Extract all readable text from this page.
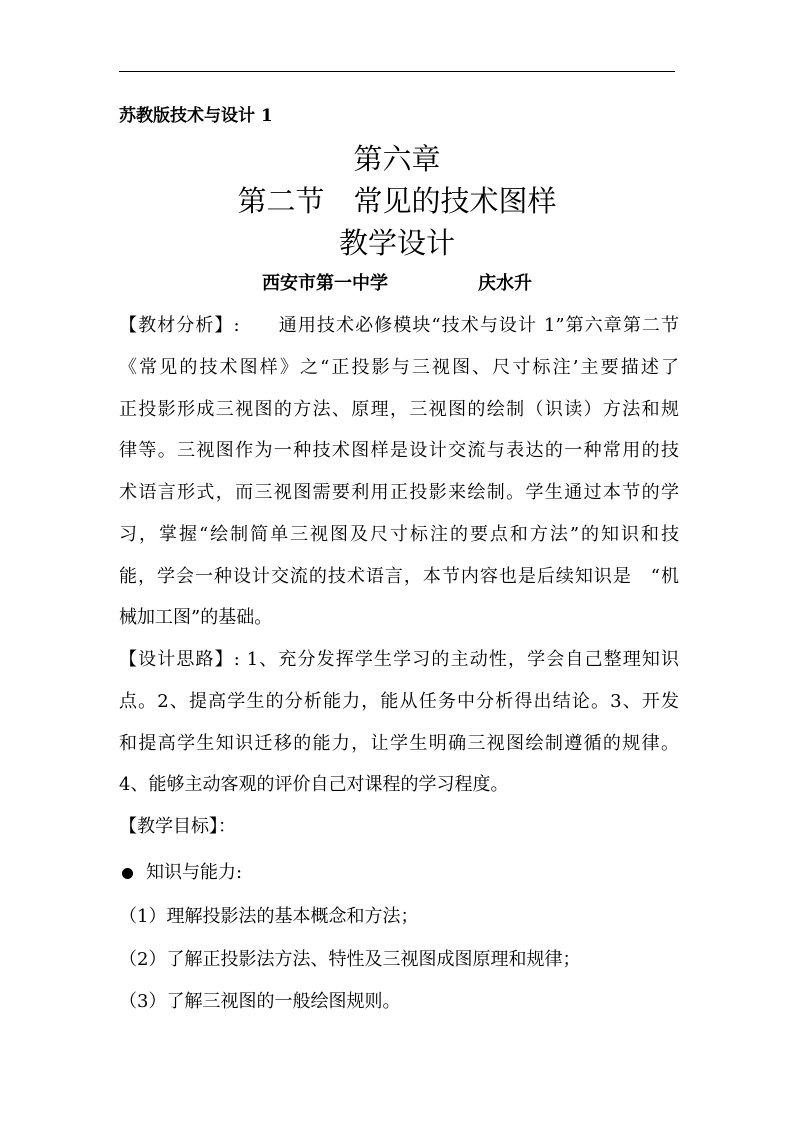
苏教版技术与设计 1

第六章

第二节　常见的技术图样

教学设计

西安市第一中学	庆水升

【教材分析】:　　通用技术必修模块“技术与设计 1”第六章第二节

《常见的技术图样》之“正投影与三视图、尺寸标注’主要描述了

正投影形成三视图的方法、原理，三视图的绘制（识读）方法和规

律等。三视图作为一种技术图样是设计交流与表达的一种常用的技

术语言形式，而三视图需要利用正投影来绘制。学生通过本节的学

习，掌握“绘制简单三视图及尺寸标注的要点和方法”的知识和技

能，学会一种设计交流的技术语言，本节内容也是后续知识是　“机

械加工图”的基础。

【设计思路】: 1、充分发挥学生学习的主动性，学会自己整理知识

点。2、提高学生的分析能力，能从任务中分析得出结论。3、开发

和提高学生知识迁移的能力，让学生明确三视图绘制遵循的规律。

4、能够主动客观的评价自己对课程的学习程度。

【教学目标】：

知识与能力:

（1）理解投影法的基本概念和方法；

（2）了解正投影法方法、特性及三视图成图原理和规律；

（3）了解三视图的一般绘图规则。
